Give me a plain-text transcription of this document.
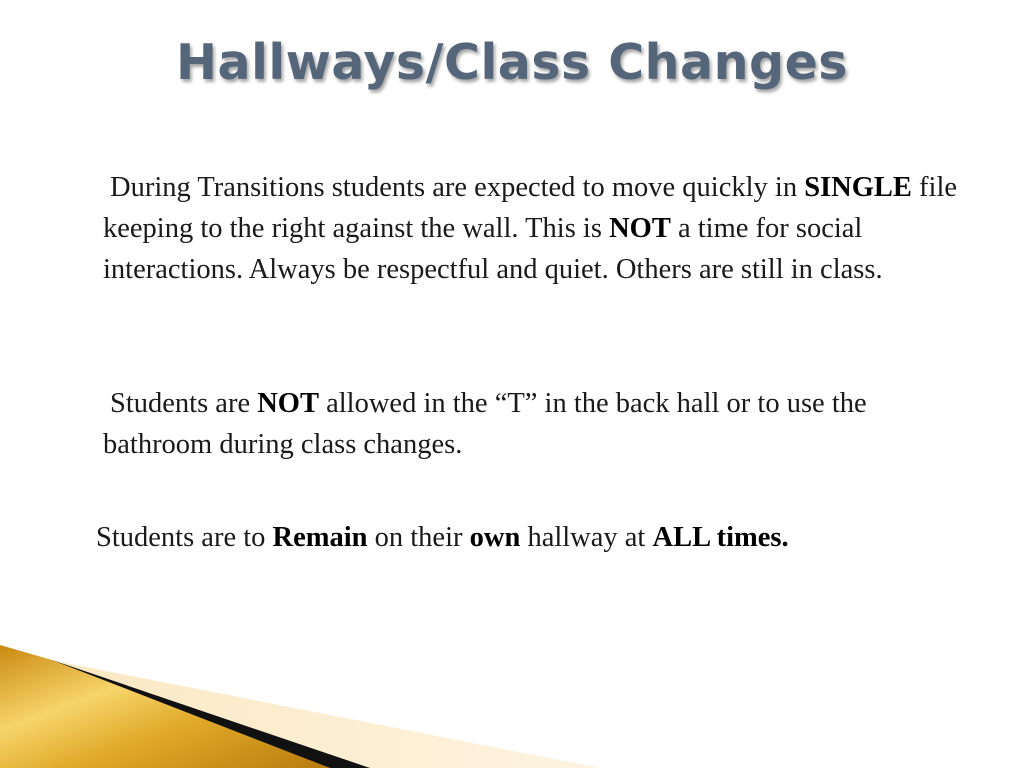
Hallways/Class Changes

During Transitions students are expected to move quickly in SINGLE file keeping to the right against the wall. This is NOT a time for social interactions. Always be respectful and quiet. Others are still in class.

Students are NOT allowed in the “T” in the back hall or to use the bathroom during class changes.

Students are to Remain on their own hallway at ALL times.
